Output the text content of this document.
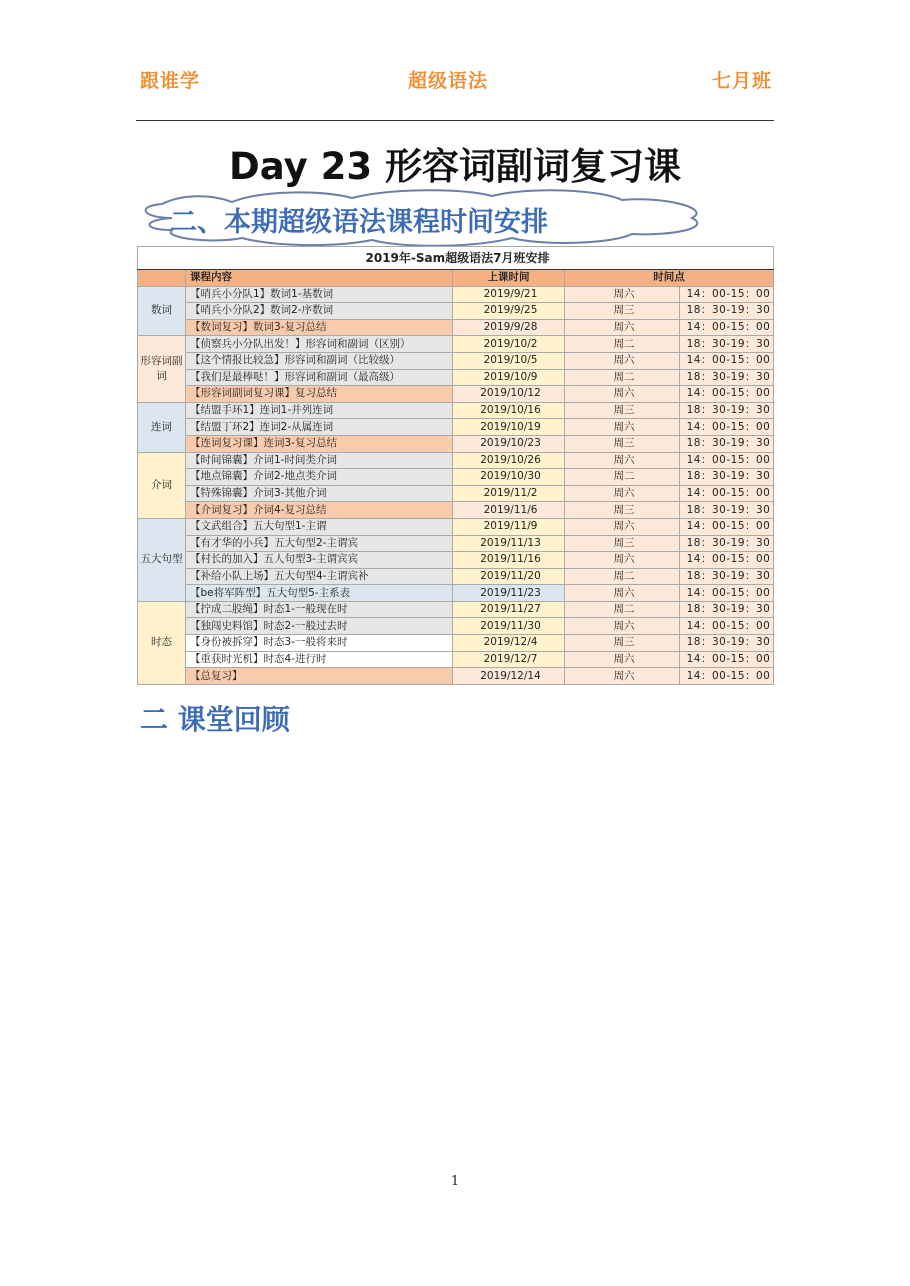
跟谁学	超级语法	七月班
Day 23 形容词副词复习课
二、本期超级语法课程时间安排
2019年-Sam超级语法7月班安排				
	课程内容	上课时间	时间点	
数词	【哨兵小分队1】数词1-基数词	2019/9/21	周六	14：00-15：00
	【哨兵小分队2】数词2-序数词	2019/9/25	周三	18：30-19：30
	【数词复习】数词3-复习总结	2019/9/28	周六	14：00-15：00
形容词副词	【侦察兵小分队出发！】形容词和副词（区别）	2019/10/2	周二	18：30-19：30
	【这个情报比较急】形容词和副词（比较级）	2019/10/5	周六	14：00-15：00
	【我们是最棒哒！】形容词和副词（最高级）	2019/10/9	周二	18：30-19：30
	【形容词副词复习课】复习总结	2019/10/12	周六	14：00-15：00
连词	【结盟手环1】连词1-并列连词	2019/10/16	周三	18：30-19：30
	【结盟丁环2】连词2-从属连词	2019/10/19	周六	14：00-15：00
	【连词复习课】连词3-复习总结	2019/10/23	周三	18：30-19：30
介词	【时间锦囊】介词1-时间类介词	2019/10/26	周六	14：00-15：00
	【地点锦囊】介词2-地点类介词	2019/10/30	周二	18：30-19：30
	【特殊锦囊】介词3-其他介词	2019/11/2	周六	14：00-15：00
	【介词复习】介词4-复习总结	2019/11/6	周三	18：30-19：30
五大句型	【文武组合】五大句型1-主谓	2019/11/9	周六	14：00-15：00
	【有才华的小兵】五大句型2-主谓宾	2019/11/13	周三	18：30-19：30
	【村长的加入】五人句型3-主谓宾宾	2019/11/16	周六	14：00-15：00
	【补给小队上场】五大句型4-主谓宾补	2019/11/20	周二	18：30-19：30
	【be将军阵型】五大句型5-主系表	2019/11/23	周六	14：00-15：00
时态	【拧成二股绳】时态1-一般现在时	2019/11/27	周二	18：30-19：30
	【独闯史料馆】时态2-一般过去时	2019/11/30	周六	14：00-15：00
	【身份被拆穿】时态3-一般将来时	2019/12/4	周三	18：30-19：30
	【重获时光机】时态4-进行时	2019/12/7	周六	14：00-15：00
	【总复习】	2019/12/14	周六	14：00-15：00
二 课堂回顾
1
